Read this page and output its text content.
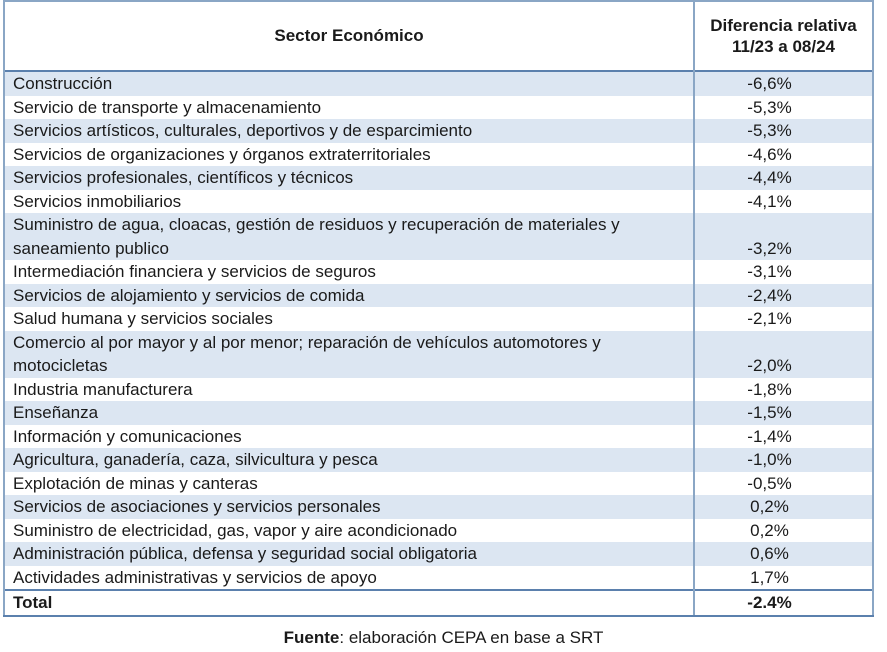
Sector Económico	Diferencia relativa 11/23 a 08/24

Construcción	-6,6%
Servicio de transporte y almacenamiento	-5,3%
Servicios artísticos, culturales, deportivos y de esparcimiento	-5,3%
Servicios de organizaciones y órganos extraterritoriales	-4,6%
Servicios profesionales, científicos y técnicos	-4,4%
Servicios inmobiliarios	-4,1%
Suministro de agua, cloacas, gestión de residuos y recuperación de materiales y saneamiento publico	-3,2%
Intermediación financiera y servicios de seguros	-3,1%
Servicios de alojamiento y servicios de comida	-2,4%
Salud humana y servicios sociales	-2,1%
Comercio al por mayor y al por menor; reparación de vehículos automotores y motocicletas	-2,0%
Industria manufacturera	-1,8%
Enseñanza	-1,5%
Información y comunicaciones	-1,4%
Agricultura, ganadería, caza, silvicultura y pesca	-1,0%
Explotación de minas y canteras	-0,5%
Servicios de asociaciones y servicios personales	0,2%
Suministro de electricidad, gas, vapor y aire acondicionado	0,2%
Administración pública, defensa y seguridad social obligatoria	0,6%
Actividades administrativas y servicios de apoyo	1,7%
Total	-2.4%
Fuente: elaboración CEPA en base a SRT
